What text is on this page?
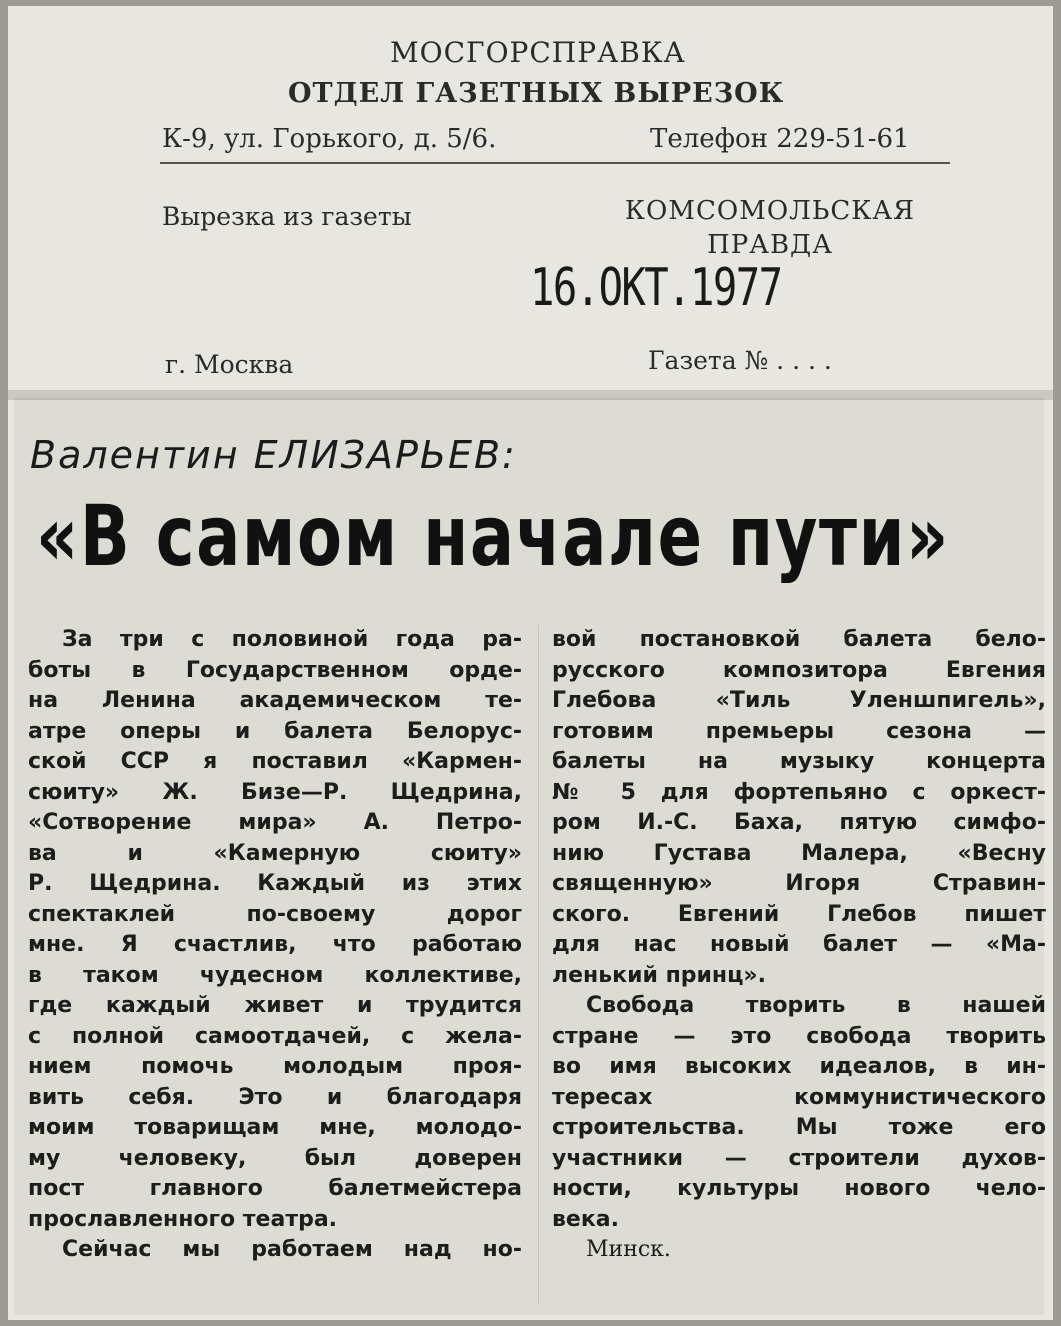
МОСГОРСПРАВКА
ОТДЕЛ ГАЗЕТНЫХ ВЫРЕЗОК
К-9, ул. Горького, д. 5/6.	Телефон 229-51-61
Вырезка из газеты	КОМСОМОЛЬСКАЯ
ПРАВДА
16.ОКТ.1977
г. Москва	Газета № . . . .
Валентин ЕЛИЗАРЬЕВ:
«В самом начале пути»
За три с половиной года ра-
боты в Государственном орде-
на Ленина академическом те-
атре оперы и балета Белорус-
ской ССР я поставил «Кармен-
сюиту» Ж. Бизе—Р. Щедрина,
«Сотворение мира» А. Петро-
ва и «Камерную сюиту»
Р. Щедрина. Каждый из этих
спектаклей по-своему дорог
мне. Я счастлив, что работаю
в таком чудесном коллективе,
где каждый живет и трудится
с полной самоотдачей, с жела-
нием помочь молодым проя-
вить себя. Это и благодаря
моим товарищам мне, молодо-
му человеку, был доверен
пост главного балетмейстера
прославленного театра.
Сейчас мы работаем над но-
вой постановкой балета бело-
русского композитора Евгения
Глебова «Тиль Уленшпигель»,
готовим премьеры сезона —
балеты на музыку концерта
№ 5 для фортепьяно с оркест-
ром И.-С. Баха, пятую симфо-
нию Густава Малера, «Весну
священную» Игоря Стравин-
ского. Евгений Глебов пишет
для нас новый балет — «Ма-
ленький принц».
Свобода творить в нашей
стране — это свобода творить
во имя высоких идеалов, в ин-
тересах коммунистического
строительства. Мы тоже его
участники — строители духов-
ности, культуры нового чело-
века.
Минск.
